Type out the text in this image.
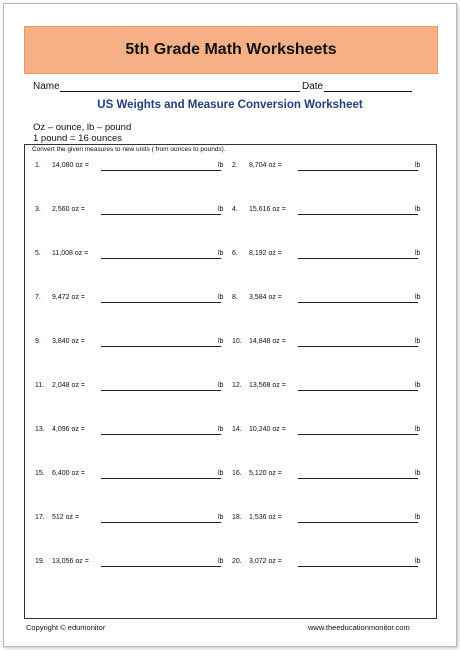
5th Grade Math Worksheets
Name	Date
US Weights and Measure Conversion Worksheet
Oz – ounce, lb – pound
1 pound = 16 ounces
Convert the given measures to new units ( from ounces to pounds).
1. 14,080 oz =	lb 2. 8,704 oz =	lb
3. 2,560 oz =	lb 4. 15,616 oz =	lb
5. 11,008 oz =	lb 6. 8,192 oz =	lb
7. 9,472 oz =	lb 8. 3,584 oz =	lb
9. 3,840 oz =	lb 10. 14,848 oz =	lb
11. 2,048 oz =	lb 12. 13,568 oz =	lb
13. 4,096 oz =	lb 14. 10,240 oz =	lb
15. 6,400 oz =	lb 16. 5,120 oz =	lb
17. 512 oz =	lb 18. 1,536 oz =	lb
19. 13,056 oz =	lb 20. 3,072 oz =	lb
Copyright © edumonitor	www.theeducationmonitor.com
